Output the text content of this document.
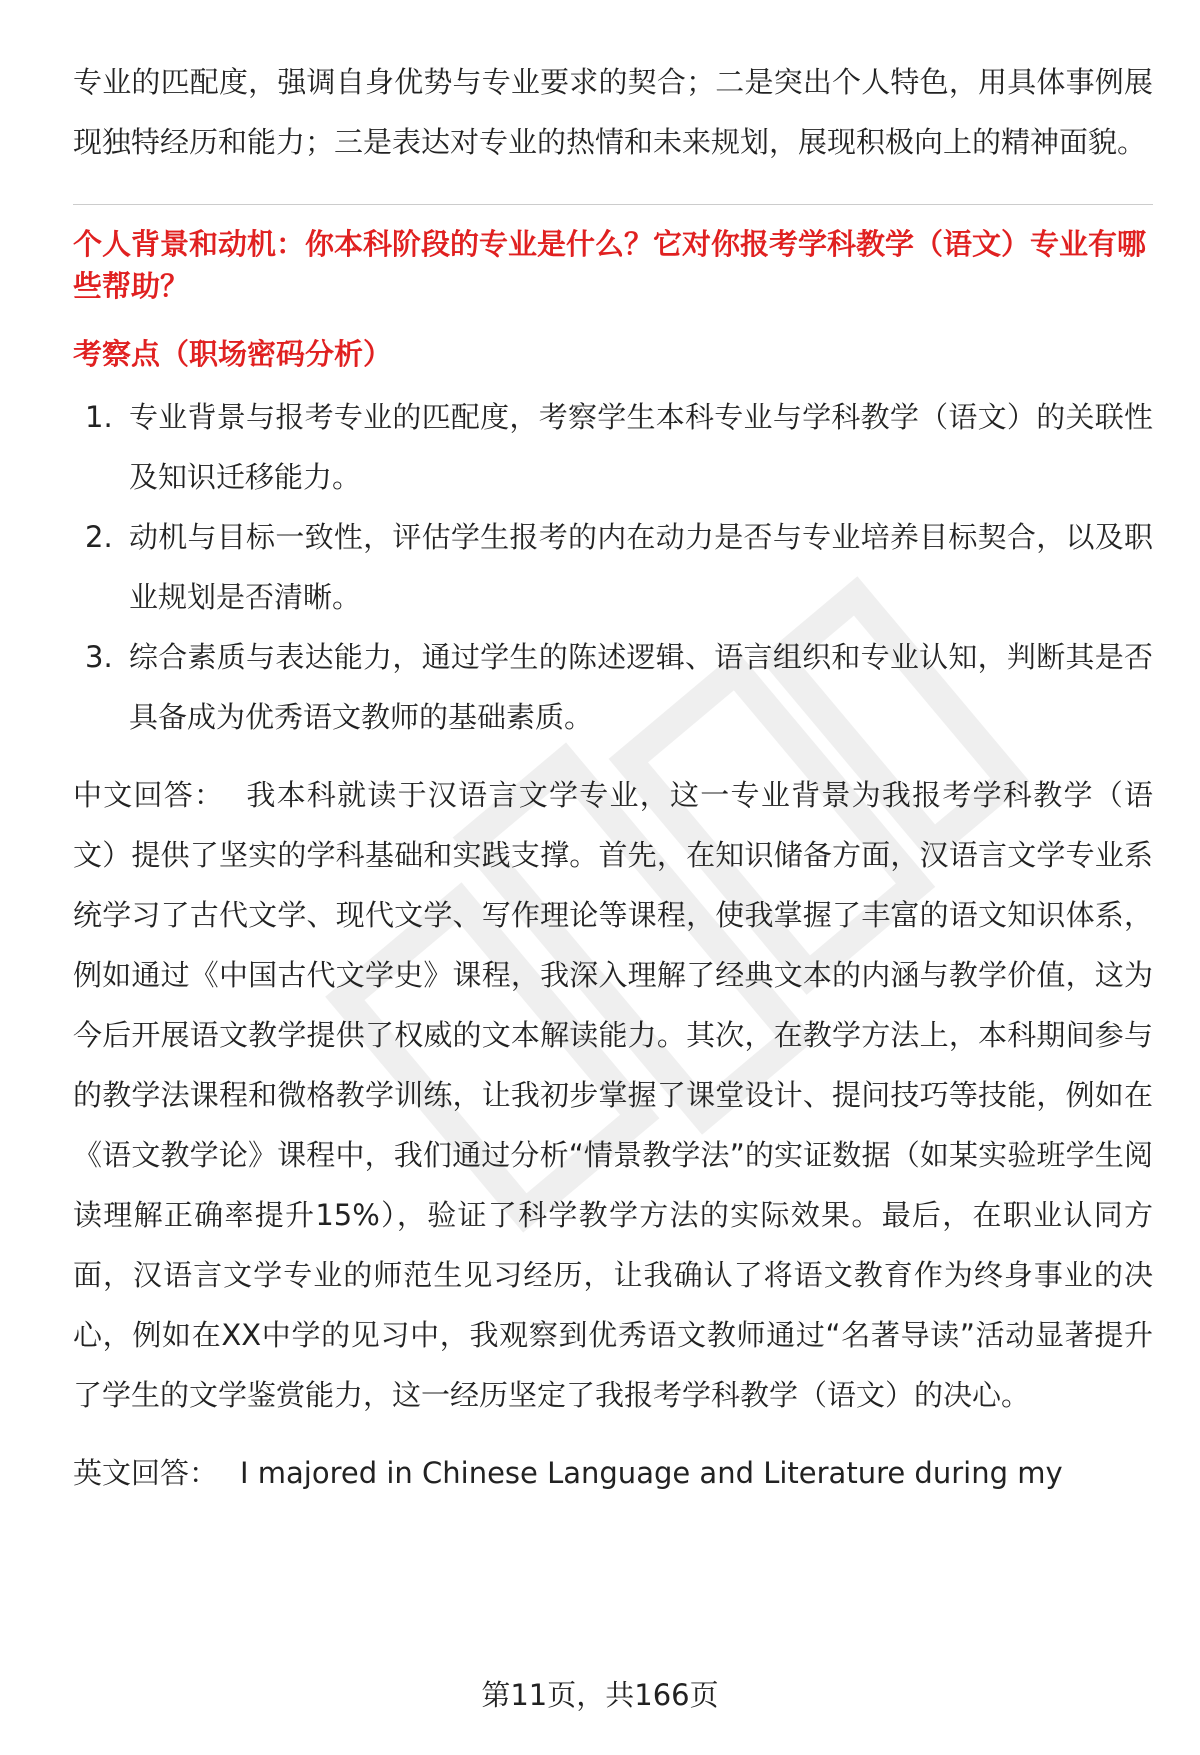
专业的匹配度，强调自身优势与专业要求的契合；二是突出个人特色，用具体事例展现独特经历和能力；三是表达对专业的热情和未来规划，展现积极向上的精神面貌。

个人背景和动机：你本科阶段的专业是什么？它对你报考学科教学（语文）专业有哪些帮助？
考察点（职场密码分析）
1. 专业背景与报考专业的匹配度，考察学生本科专业与学科教学（语文）的关联性及知识迁移能力。
2. 动机与目标一致性，评估学生报考的内在动力是否与专业培养目标契合，以及职业规划是否清晰。
3. 综合素质与表达能力，通过学生的陈述逻辑、语言组织和专业认知，判断其是否具备成为优秀语文教师的基础素质。

中文回答： 我本科就读于汉语言文学专业，这一专业背景为我报考学科教学（语文）提供了坚实的学科基础和实践支撑。首先，在知识储备方面，汉语言文学专业系统学习了古代文学、现代文学、写作理论等课程，使我掌握了丰富的语文知识体系，例如通过《中国古代文学史》课程，我深入理解了经典文本的内涵与教学价值，这为今后开展语文教学提供了权威的文本解读能力。其次，在教学方法上，本科期间参与的教学法课程和微格教学训练，让我初步掌握了课堂设计、提问技巧等技能，例如在《语文教学论》课程中，我们通过分析“情景教学法”的实证数据（如某实验班学生阅读理解正确率提升15%），验证了科学教学方法的实际效果。最后，在职业认同方面，汉语言文学专业的师范生见习经历，让我确认了将语文教育作为终身事业的决心，例如在XX中学的见习中，我观察到优秀语文教师通过“名著导读”活动显著提升了学生的文学鉴赏能力，这一经历坚定了我报考学科教学（语文）的决心。

英文回答： I majored in Chinese Language and Literature during my

第11页，共166页
